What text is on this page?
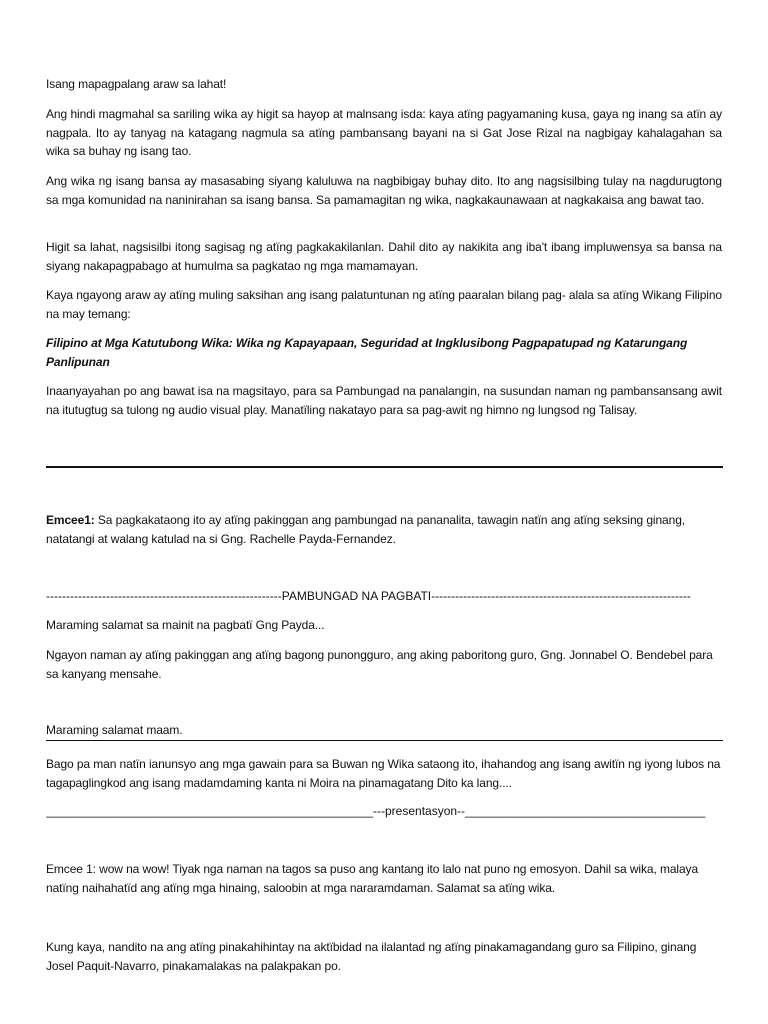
Isang mapagpalang araw sa lahat!

Ang hindi magmahal sa sariling wika ay higit sa hayop at malnsang isda: kaya atïng pagyamaning kusa, gaya ng inang sa atïn ay nagpala. Ito ay tanyag na katagang nagmula sa atïng pambansang bayani na si Gat Jose Rizal na nagbigay kahalagahan sa wika sa buhay ng isang tao.

Ang wika ng isang bansa ay masasabing siyang kaluluwa na nagbibigay buhay dito. Ito ang nagsisilbing tulay na nagdurugtong sa mga komunidad na naninirahan sa isang bansa. Sa pamamagitan ng wika, nagkakaunawaan at nagkakaisa ang bawat tao.

Higit sa lahat, nagsisilbi itong sagisag ng atïng pagkakakilanlan. Dahil dito ay nakikita ang iba't ibang impluwensya sa bansa na siyang nakapagpabago at humulma sa pagkatao ng mga mamamayan.

Kaya ngayong araw ay atïng muling saksihan ang isang palatuntunan ng atïng paaralan bilang pag- alala sa atïng Wikang Filipino na may temang:

Filipino at Mga Katutubong Wika: Wika ng Kapayapaan, Seguridad at Ingklusibong Pagpapatupad ng Katarungang Panlipunan

Inaanyayahan po ang bawat isa na magsitayo, para sa Pambungad na panalangin, na susundan naman ng pambansansang awit na itutugtug sa tulong ng audio visual play. Manatïling nakatayo para sa pag-awit ng himno ng lungsod ng Talisay.

Emcee1: Sa pagkakataong ito ay atïng pakinggan ang pambungad na pananalita, tawagin natïn ang atïng seksing ginang, natatangi at walang katulad na si Gng. Rachelle Payda-Fernandez.

-----------------------------------------------------------PAMBUNGAD NA PAGBATI-----------------------------------------------------------------

Maraming salamat sa mainit na pagbatï Gng Payda...

Ngayon naman ay atïng pakinggan ang atïng bagong punongguro, ang aking paboritong guro, Gng. Jonnabel O. Bendebel para sa kanyang mensahe.

Maraming salamat maam.

Bago pa man natïn ianunsyo ang mga gawain para sa Buwan ng Wika sataong ito, ihahandog ang isang awitïn ng iyong lubos na tagapaglingkod ang isang madamdaming kanta ni Moira na pinamagatang Dito ka lang....

_________________________________________________---presentasyon--____________________________________

Emcee 1: wow na wow! Tiyak nga naman na tagos sa puso ang kantang ito lalo nat puno ng emosyon. Dahil sa wika, malaya natïng naihahatïd ang atïng mga hinaing, saloobin at mga nararamdaman. Salamat sa atïng wika.

Kung kaya, nandito na ang atïng pinakahihintay na aktïbidad na ilalantad ng atïng pinakamagandang guro sa Filipino, ginang Josel Paquit-Navarro, pinakamalakas na palakpakan po.
